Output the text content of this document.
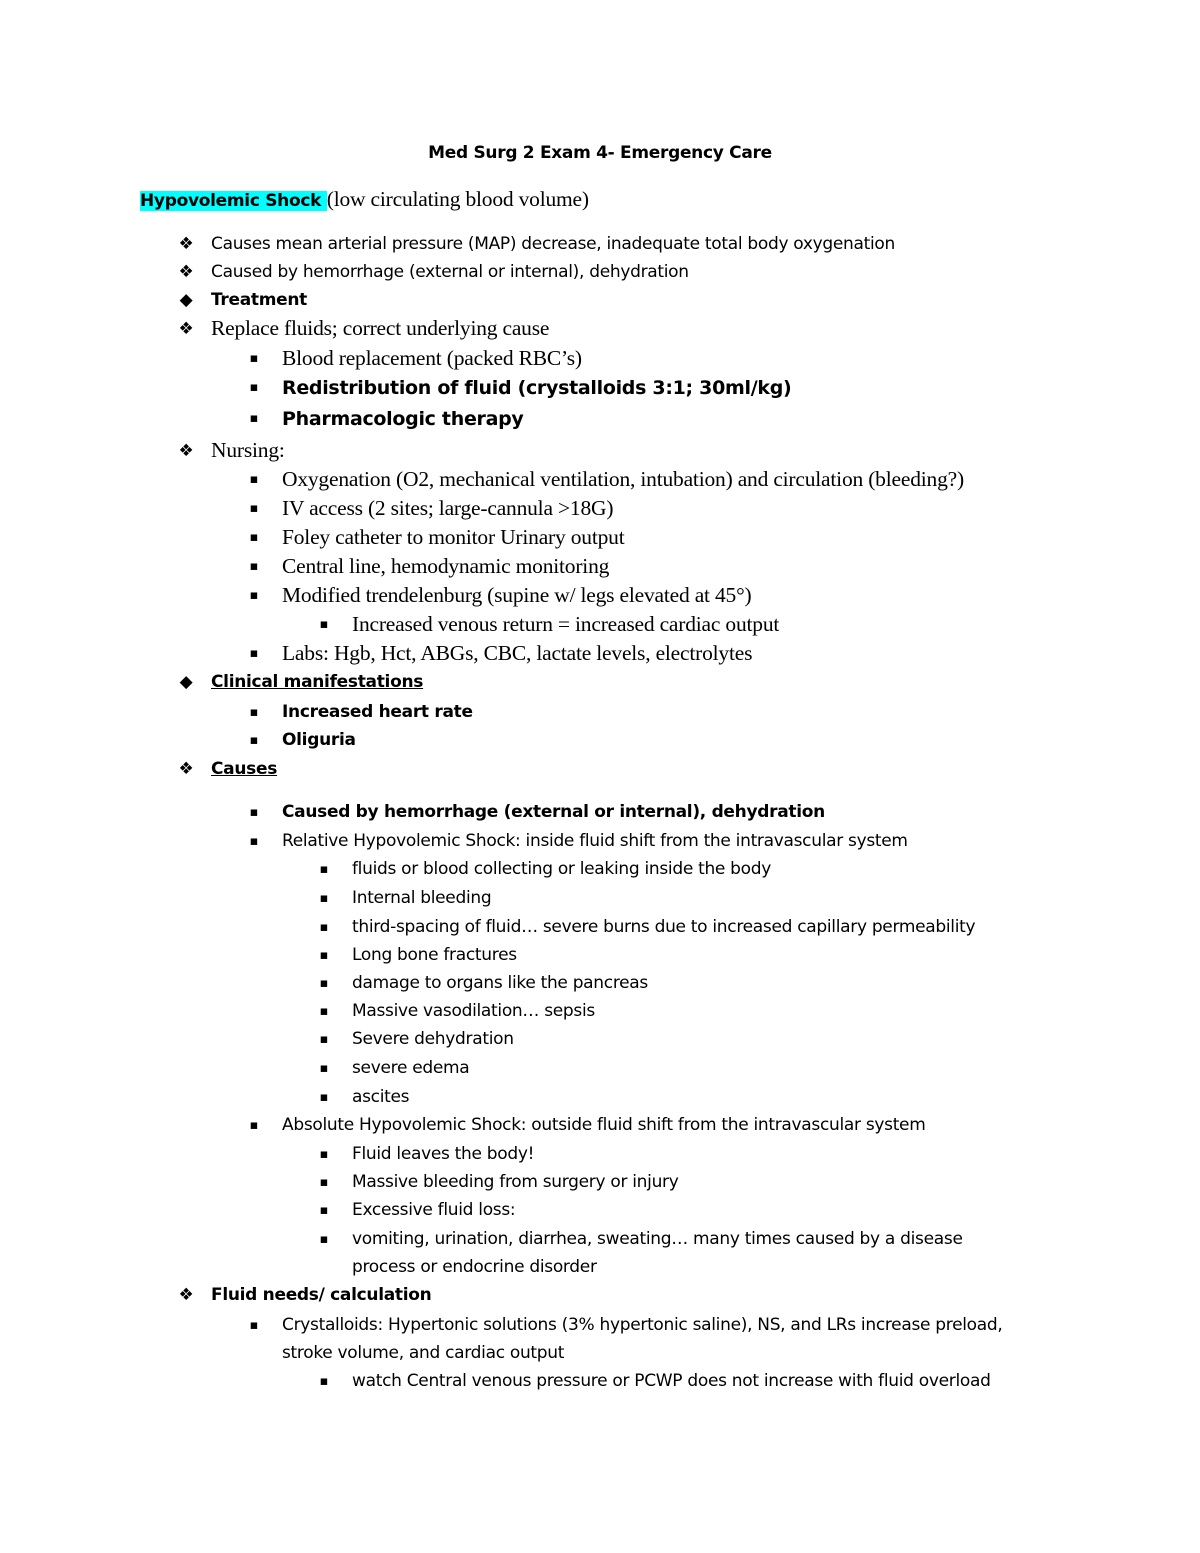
Med Surg 2 Exam 4- Emergency Care
Hypovolemic Shock (low circulating blood volume)
❖ Causes mean arterial pressure (MAP) decrease, inadequate total body oxygenation
❖ Caused by hemorrhage (external or internal), dehydration
◆	Treatment
❖ Replace fluids; correct underlying cause
▪ Blood replacement (packed RBC’s)
▪ Redistribution of fluid (crystalloids 3:1; 30ml/kg)
▪ Pharmacologic therapy
❖ Nursing:
▪ Oxygenation (O2, mechanical ventilation, intubation) and circulation (bleeding?)
▪ IV access (2 sites; large-cannula >18G)
▪ Foley catheter to monitor Urinary output
▪ Central line, hemodynamic monitoring
▪ Modified trendelenburg (supine w/ legs elevated at 45°)
▪ Increased venous return = increased cardiac output
▪ Labs: Hgb, Hct, ABGs, CBC, lactate levels, electrolytes
◆	Clinical manifestations
▪ Increased heart rate
▪ Oliguria
❖ Causes
▪ Caused by hemorrhage (external or internal), dehydration
▪ Relative Hypovolemic Shock: inside fluid shift from the intravascular system
▪ fluids or blood collecting or leaking inside the body
▪ Internal bleeding
▪ third-spacing of fluid… severe burns due to increased capillary permeability
▪ Long bone fractures
▪ damage to organs like the pancreas
▪ Massive vasodilation… sepsis
▪ Severe dehydration
▪ severe edema
▪ ascites
▪ Absolute Hypovolemic Shock: outside fluid shift from the intravascular system
▪ Fluid leaves the body!
▪ Massive bleeding from surgery or injury
▪ Excessive fluid loss:
▪ vomiting, urination, diarrhea, sweating… many times caused by a disease
process or endocrine disorder
❖ Fluid needs/ calculation
▪ Crystalloids: Hypertonic solutions (3% hypertonic saline), NS, and LRs increase preload,
stroke volume, and cardiac output
▪ watch Central venous pressure or PCWP does not increase with fluid overload
